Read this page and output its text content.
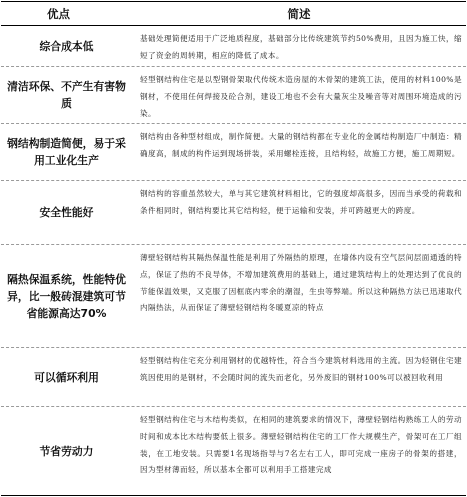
优点	简述
综合成本低

基础处理简便适用于广泛地质程度，基础部分比传统建筑节约50%费用，且因为施工快，缩短了资金的周转期，相应的降低了成本。

清洁环保、不产生有害物质

轻型钢结构住宅是以型钢骨架取代传统木造房屋的木骨架的建筑工法，使用的材料100%是钢材，不使用任何焊接及砼合剂，建设工地也不会有大量灰尘及噪音等对周围环境造成的污染。

钢结构制造简便，易于采用工业化生产

钢结构由各种型材组成，制作简便。大量的钢结构都在专业化的金属结构制造厂中制造：精确度高，制成的构件运到现场拼装，采用螺栓连接，且结构轻，故施工方便，施工周期短。

安全性能好

钢结构的容重虽然较大，单与其它建筑材料相比，它的强度却高很多，因而当承受的荷载和条件相同时，钢结构要比其它结构轻，便于运输和安装，并可跨越更大的跨度。

隔热保温系统，性能特优异，比一般砖混建筑可节省能源高达70%

薄壁轻钢结构其隔热保温性能是利用了外隔热的原理，在墙体内设有空气层间层面通透的特点，保证了热的不良导体，不增加建筑费用的基础上，通过建筑结构上的处理达到了优良的节能保温效果，又克服了因框底内零余的潮湿，生虫等弊端。所以这种隔热方法已迅速取代内隔热法，从而保证了薄壁轻钢结构冬暖夏凉的特点

可以循环利用

轻型钢结构住宅充分利用钢材的优越特性，符合当今建筑材料选用的主流。因为轻钢住宅建筑因使用的是钢材，不会随时间的流失而老化，另外废旧的钢材100%可以被回收利用

节省劳动力

轻型钢结构住宅与木结构类似，在相同的建筑要求的情况下，薄壁轻钢结构熟练工人的劳动时间和成本比木结构要低上很多。薄壁轻钢结构住宅的工厂作大规模生产，骨架可在工厂组装，在工地安装。只需要1名现场指导与7名左右工人，即可完成一座房子的骨架的搭建，因为型材薄而轻，所以基本全都可以利用手工搭建完成
